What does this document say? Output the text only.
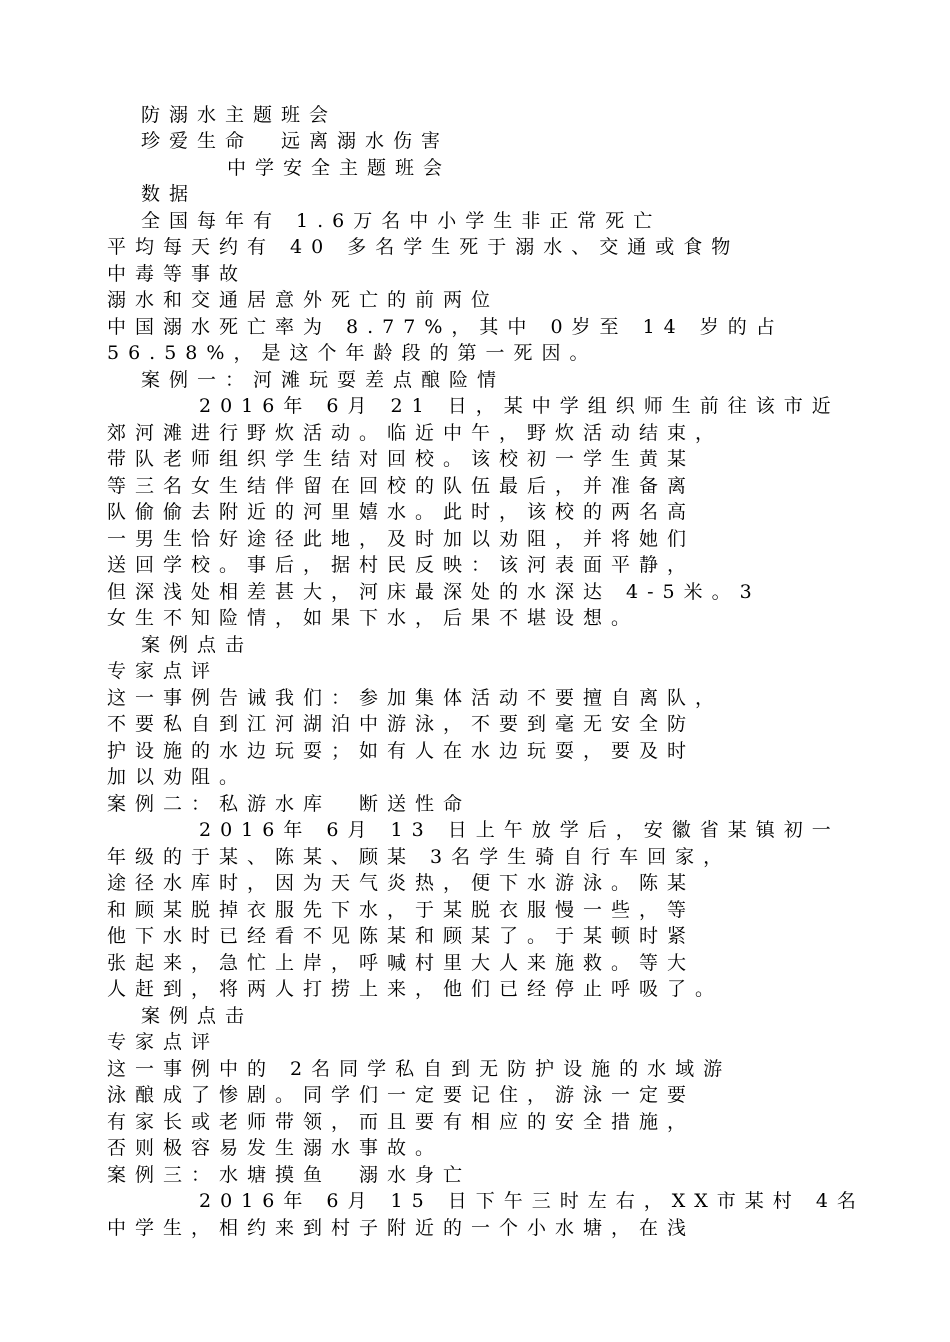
防溺水主题班会
珍爱生命　远离溺水伤害
中学安全主题班会
数据
全国每年有 1.6万名中小学生非正常死亡
平均每天约有 40 多名学生死于溺水、交通或食物
中毒等事故
溺水和交通居意外死亡的前两位
中国溺水死亡率为 8.77%，其中 0岁至 14 岁的占
56.58%，是这个年龄段的第一死因。
案例一：河滩玩耍差点酿险情
2016年 6月 21 日，某中学组织师生前往该市近
郊河滩进行野炊活动。临近中午，野炊活动结束，
带队老师组织学生结对回校。该校初一学生黄某
等三名女生结伴留在回校的队伍最后，并准备离
队偷偷去附近的河里嬉水。此时，该校的两名高
一男生恰好途径此地，及时加以劝阻，并将她们
送回学校。事后，据村民反映：该河表面平静，
但深浅处相差甚大，河床最深处的水深达 4-5米。3
女生不知险情，如果下水，后果不堪设想。
案例点击
专家点评
这一事例告诫我们：参加集体活动不要擅自离队，
不要私自到江河湖泊中游泳，不要到毫无安全防
护设施的水边玩耍；如有人在水边玩耍，要及时
加以劝阻。
案例二：私游水库　断送性命
2016年 6月 13 日上午放学后，安徽省某镇初一
年级的于某、陈某、顾某 3名学生骑自行车回家，
途径水库时，因为天气炎热，便下水游泳。陈某
和顾某脱掉衣服先下水，于某脱衣服慢一些，等
他下水时已经看不见陈某和顾某了。于某顿时紧
张起来，急忙上岸，呼喊村里大人来施救。等大
人赶到，将两人打捞上来，他们已经停止呼吸了。
案例点击
专家点评
这一事例中的 2名同学私自到无防护设施的水域游
泳酿成了惨剧。同学们一定要记住，游泳一定要
有家长或老师带领，而且要有相应的安全措施，
否则极容易发生溺水事故。
案例三：水塘摸鱼　溺水身亡
2016年 6月 15 日下午三时左右，XX市某村 4名
中学生，相约来到村子附近的一个小水塘，在浅
